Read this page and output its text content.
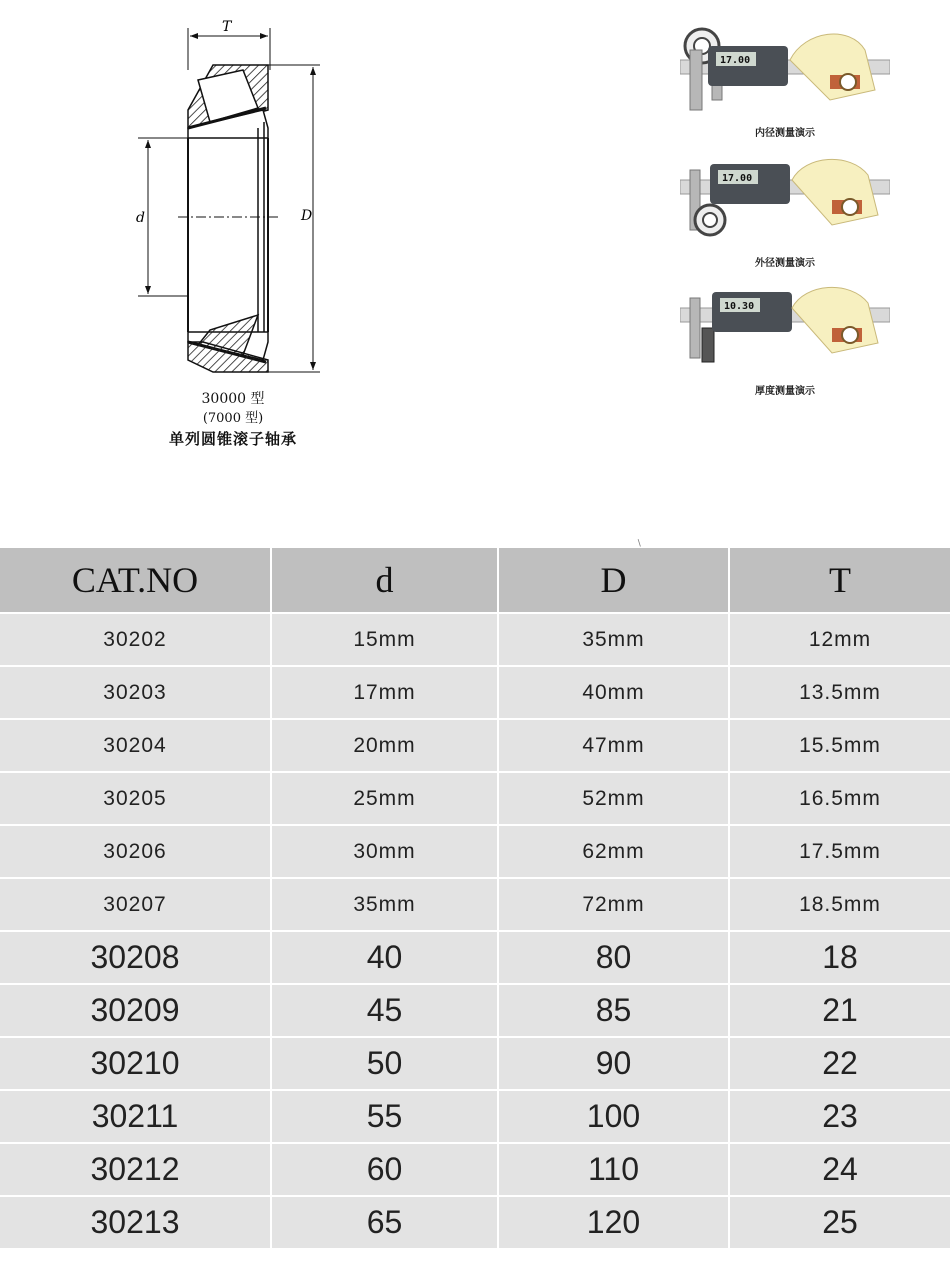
T
d	D
30000 型
(7000 型)
单列圆锥滚子轴承
17.00
内径测量演示
17.00
外径测量演示
10.30
厚度测量演示
∖
CAT.NO	d	D	T
30202	15mm	35mm	12mm
30203	17mm	40mm	13.5mm
30204	20mm	47mm	15.5mm
30205	25mm	52mm	16.5mm
30206	30mm	62mm	17.5mm
30207	35mm	72mm	18.5mm
30208	40	80	18
30209	45	85	21
30210	50	90	22
30211	55	100	23
30212	60	110	24
30213	65	120	25
